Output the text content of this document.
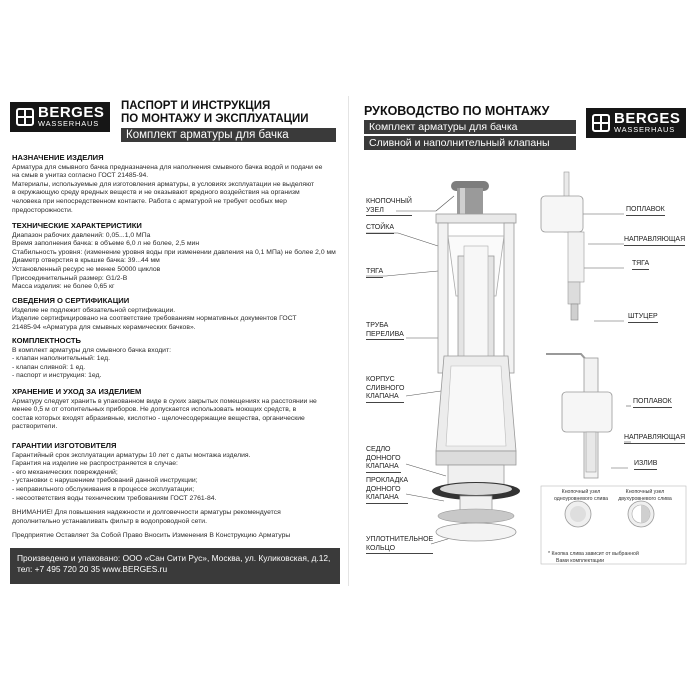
BERGES
WASSERHAUS
ПАСПОРТ И ИНСТРУКЦИЯ
ПО МОНТАЖУ И ЭКСПЛУАТАЦИИ
Комплект арматуры для бачка
НАЗНАЧЕНИЕ ИЗДЕЛИЯ
Арматура для смывного бачка предназначена для наполнения смывного бачка водой и подачи ее
на смыв в унитаз согласно ГОСТ 21485-94.
Материалы, используемые для изготовления арматуры, в условиях эксплуатации не выделяют
в окружающую среду вредных веществ и не оказывают вредного воздействия на организм
человека при непосредственном контакте. Работа с арматурой не требует особых мер
предосторожности.
ТЕХНИЧЕСКИЕ ХАРАКТЕРИСТИКИ
Диапазон рабочих давлений: 0,05...1,0 МПа
Время заполнения бачка: в объеме 6,0 л не более, 2,5 мин
Стабильность уровня: (изменение уровня воды при изменении давления на 0,1 МПа) не более 2,0 мм
Диаметр отверстия в крышке бачка: 39...44 мм
Установленный ресурс не менее 50000 циклов
Присоединительный размер: G1/2-B
Масса изделия: не более 0,65 кг
СВЕДЕНИЯ О СЕРТИФИКАЦИИ
Изделие не подлежит обязательной сертификации.
Изделие сертифицировано на соответствие требованиям нормативных документов ГОСТ
21485-94 «Арматура для смывных керамических бачков».
КОМПЛЕКТНОСТЬ
В комплект арматуры для смывного бачка входит:
- клапан наполнительный: 1ед.
- клапан сливной: 1 ед.
- паспорт и инструкция: 1ед.
ХРАНЕНИЕ И УХОД ЗА ИЗДЕЛИЕМ
Арматуру следует хранить в упакованном виде в сухих закрытых помещениях на расстоянии не
менее 0,5 м от отопительных приборов. Не допускается использовать моющих средств, в
состав которых входят абразивные, кислотно - щелочесодержащие вещества, органические
растворители.
ГАРАНТИИ ИЗГОТОВИТЕЛЯ
Гарантийный срок эксплуатации арматуры 10 лет с даты монтажа изделия.
Гарантия на изделие не распространяется в случае:
- его механических повреждений;
- установки с нарушением требований данной инструкции;
- неправильного обслуживания в процессе эксплуатации;
- несоответствия воды техническим требованиям ГОСТ 2761-84.
ВНИМАНИЕ! Для повышения надежности и долговечности арматуры рекомендуется
дополнительно устанавливать фильтр в водопроводной сети.
Предприятие Оставляет За Собой Право Вносить Изменения В Конструкцию Арматуры
Произведено и упаковано: ООО «Сан Сити Рус», Москва, ул. Куликовская, д.12,
тел: +7 495 720 20 35 www.BERGES.ru
РУКОВОДСТВО ПО МОНТАЖУ
Комплект арматуры для бачка
Сливной и наполнительный клапаны
BERGES
WASSERHAUS
КНОПОЧНЫЙ
УЗЕЛ
СТОЙКА
ТЯГА
ТРУБА
ПЕРЕЛИВА
КОРПУС
СЛИВНОГО
КЛАПАНА
СЕДЛО
ДОННОГО
КЛАПАНА
ПРОКЛАДКА
ДОННОГО
КЛАПАНА
УПЛОТНИТЕЛЬНОЕ
КОЛЬЦО
ПОПЛАВОК
НАПРАВЛЯЮЩАЯ
ТЯГА
ШТУЦЕР
ПОПЛАВОК
НАПРАВЛЯЮЩАЯ
ИЗЛИВ
Кнопочный узел одноуровневого слива
Кнопочный узел двухуровневого слива
* Кнопка слива зависит от выбранной
Вами комплектации
